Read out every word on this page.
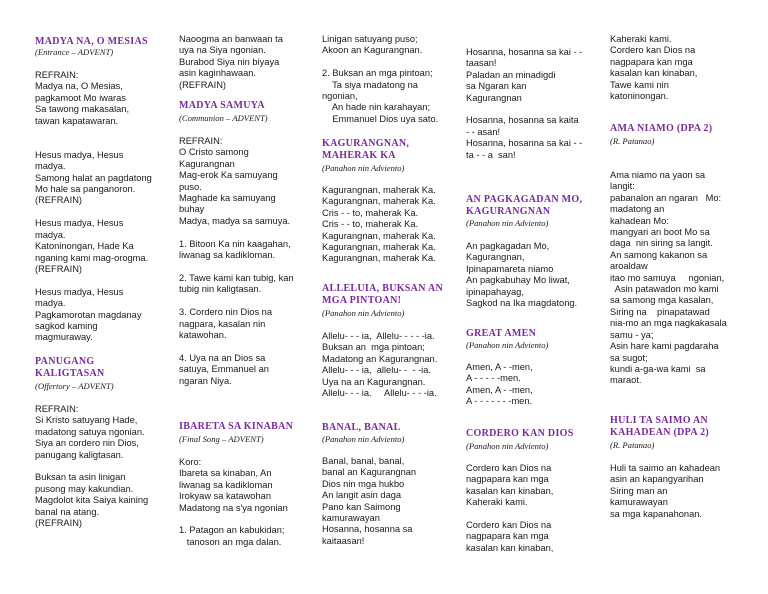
MADYA NA, O MESIAS
(Entrance – ADVENT)
REFRAIN:
Madya na, O Mesias,
pagkamoot Mo iwaras
Sa tawong makasalan,
tawan kapatawaran.

Hesus madya, Hesus
madya.
Samong halat an pagdatong
Mo hale sa panganoron.
(REFRAIN)

Hesus madya, Hesus
madya.
Katoninongan, Hade Ka
nganing kami mag-orogma.
(REFRAIN)

Hesus madya, Hesus
madya.
Pagkamorotan magdanay
sagkod kaming
magmuraway.
PANUGANG
KALIGTASAN
(Offertory – ADVENT)
REFRAIN:
Si Kristo satuyang Hade,
madatong satuya ngonian.
Siya an cordero nin Dios,
panugang kaligtasan.

Buksan ta asin linigan
pusong may kakundian.
Magdolot kita Saiya kaining
banal na atang.
(REFRAIN)
Naoogma an banwaan ta
uya na Siya ngonian.
Burabod Siya nin biyaya
asin kaginhawaan.
(REFRAIN)
MADYA SAMUYA
(Communion – ADVENT)
REFRAIN:
O Cristo samong
Kagurangnan
Mag-erok Ka samuyang
puso.
Maghade ka samuyang
buhay
Madya, madya sa samuya.

1. Bitoon Ka nin kaagahan,
liwanag sa kadikloman.

2. Tawe kami kan tubig, kan
tubig nin kaligtasan.

3. Cordero nin Dios na
nagpara, kasalan nin
katawohan.

4. Uya na an Dios sa
satuya, Emmanuel an
ngaran Niya.
IBARETA SA KINABAN
(Final Song – ADVENT)
Koro:
Ibareta sa kinaban, An
liwanag sa kadikloman
Irokyaw sa katawohan
Madatong na s'ya ngonian

1. Patagon an kabukidan;
tanoson an mga dalan.
Linigan satuyang puso;
Akoon an Kagurangnan.

2. Buksan an mga pintoan;
Ta siya madatong na
ngonian,
An hade nin karahayan;
Emmanuel Dios uya sato.
KAGURANGNAN,
MAHERAK KA
(Panahon nin Adviento)
Kagurangnan, maherak Ka.
Kagurangnan, maherak Ka.
Cris - - to, maherak Ka.
Cris - - to, maherak Ka.
Kagurangnan, maherak Ka.
Kagurangnan, maherak Ka.
Kagurangnan, maherak Ka.
ALLELUIA, BUKSAN AN
MGA PINTOAN!
(Panahon nin Adviento)
Allelu- - - ia,  Allelu- - - - -ia.
Buksan an  mga pintoan;
Madatong an Kagurangnan.
Allelu- - - ia,  allelu- -  - -ia.
Uya na an Kagurangnan.
Allelu- - - ia.     Allelu- - - -ia.
BANAL, BANAL
(Panahon nin Adviento)
Banal, banal, banal,
banal an Kagurangnan
Dios nin mga hukbo
An langit asin daga
Pano kan Saimong
kamurawayan
Hosanna, hosanna sa
kaitaasan!
Hosanna, hosanna sa kai - -
taasan!
Paladan an minadigdi
sa Ngaran kan
Kagurangnan

Hosanna, hosanna sa kaita
- - asan!
Hosanna, hosanna sa kai - -
ta - - a  san!
AN PAGKAGADAN MO,
KAGURANGNAN
(Panahon nin Adviento)
An pagkagadan Mo,
Kagurangnan,
Ipinapamareta niamo
An pagkabuhay Mo liwat,
ipinapahayag,
Sagkod na Ika magdatong.
GREAT AMEN
(Panahon nin Adviento)
Amen, A - -men,
A - - - - -men.
Amen, A - -men,
A - - - - - - -men.
CORDERO KAN DIOS
(Panahon nin Adviento)
Cordero kan Dios na
nagpapara kan mga
kasalan kan kinaban,
Kaheraki kami.

Cordero kan Dios na
nagpapara kan mga
kasalan kan kinaban,
Kaheraki kami.
Cordero kan Dios na
nagpapara kan mga
kasalan kan kinaban,
Tawe kami nin
katoninongan.
AMA NIAMO (DPA 2)
(R. Patanao)
Ama niamo na yaon sa
langit:
pabanalon an ngaran   Mo:
madatong an
kahadean Mo:
mangyari an boot Mo sa
daga  nin siring sa langit.
An samong kakanon sa
aroaldaw
itao mo samuya     ngonian,
Asin patawadon mo kami
sa samong mga kasalan,
Siring na    pinapatawad
nia-mo an mga nagkakasala
samu - ya;
Asin hare kami pagdaraha
sa sugot;
kundi a-ga-wa kami  sa
maraot.
HULI TA SAIMO AN
KAHADEAN (DPA 2)
(R. Patanao)
Huli ta saimo an kahadean
asin an kapangyarihan
Siring man an
kamurawayan
sa mga kapanahonan.
